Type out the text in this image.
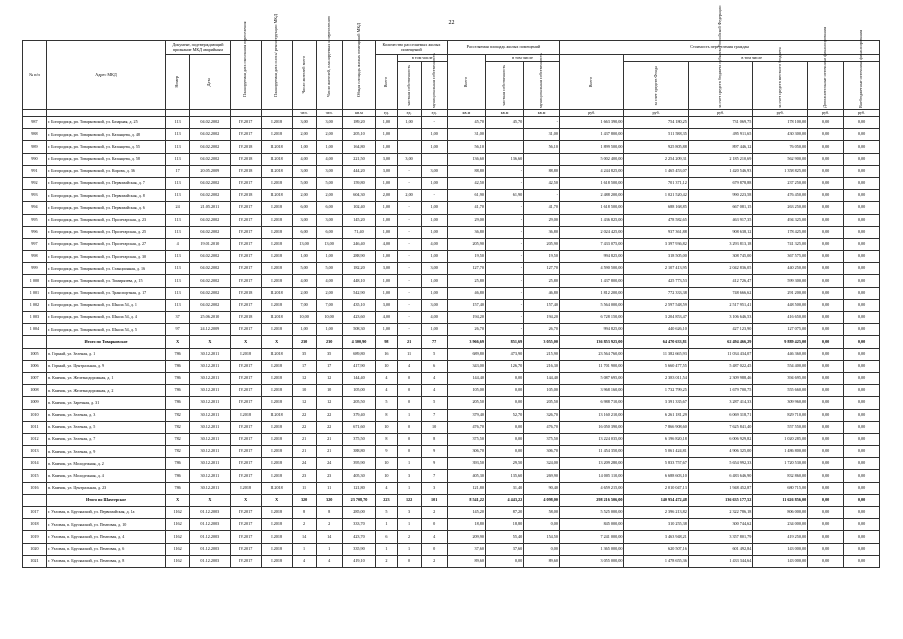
22
№ п/п	Адрес МКД	Документ, подтверждающий признание МКД аварийным		Планируемая дата окончания переселения	Планируемая дата сноса/ реконструкции МКД	Число жителей всего	Число жителей, планируемых к переселению	Общая площадь жилых помещений МКД	Количество расселяемых жилых помещений			Расселяемая площадь жилых помещений			Стоимость переселения граждан					

		Номер	Дата						Всего	в том числе		Всего	в том числе		Всего	в том числе				

										частная собственность	муниципальная собственность		частная собственность	муниципальная собственность		за счет средств Фонда	за счет средств бюджета субъекта Российской Федерации	за счет средств местного бюджета	Дополнительные источники финансирования	Внебюджетные источники финансирования

						чел.	чел.	кв.м	ед.	ед.	ед.	кв.м	кв.м	кв.м	руб.	руб.	руб.	руб.	руб.	руб.
987	г. Богородицк, рп. Товарковский, ул. Базарная, д. 25	113	04.02.2002	IV.2017	I.2018	3,00	3,00	189,20	1,00	1,00	-	45,70	45,70	-	1 663 390,00	754 180,25	731 069,75	178 100,00	0,00	0,00
988	г. Богородицк, рп. Товарковский, ул. Казанцева, д. 48	113	04.02.2002	IV.2017	I.2018	2,00	2,00	205,10	1,00		1,00	31,00		31,00	1 437 800,00	511 588,35	495 911,65	430 300,00	0,00	0,00
989	г. Богородицк, рп. Товарковский, ул. Казанцева, д. 55	113	04.02.2002	IV.2018	II.2018	1,00	1,00	164,80	1,00		1,00	56,10		56,10	1 899 500,00	925 805,88	897 446,12	76 050,00	0,00	0,00
990	г. Богородицк, рп. Товарковский, ул. Казанцева, д. 58	113	04.02.2002	IV.2018	II.2018	4,00	4,00	221,50	3,00	3,00		136,60	136,60		5 002 400,00	2 254 209,31	2 185 210,69	562 900,00	0,00	0,00
991	г. Богородицк, рп. Товарковский, ул. Кирова, д. 36	17	20.05.2009	IV.2018	II.2018	3,00	3,00	444,20	3,00	-	3,00	88,80	-	88,80	4 244 825,00	1 465 453,07	1 420 546,93	1 358 825,00	0,00	0,00
992	г. Богородицк, рп. Товарковский, ул. Первомайская, д. 7	113	04.02.2002	IV.2017	I.2018	5,00	5,00	159,80	1,00	-	1,00	42,50	-	42,50	1 618 500,00	701 371,12	679 878,88	237 250,00	0,00	0,00
993	г. Богородицк, рп. Товарковский, ул. Первомайская, д. 8	113	04.02.2002	IV.2018	II.2018	2,00	2,00	604,30	2,00	2,00	-	61,90	61,90	-	2 488 200,00	1 021 520,42	990 223,58	476 450,00	0,00	0,00
994	г. Богородицк, рп. Товарковский, ул. Первомайская, д. 6	24	21.05.2011	IV.2017	I.2018	6,00	6,00	102,40	1,00	-	1,00	41,70	-	41,70	1 618 500,00	688 168,85	667 081,15	263 250,00	0,00	0,00
995	г. Богородицк, рп. Товарковский, ул. Пролетарская, д. 23	113	04.02.2002	IV.2017	I.2018	3,00	3,00	145,20	1,00	-	1,00	29,00	-	29,00	1 436 825,00	478 582,65	463 917,35	494 325,00	0,00	0,00
996	г. Богородицк, рп. Товарковский, ул. Пролетарская, д. 25	113	04.02.2002	IV.2017	I.2018	6,00	6,00	71,40	1,00	-	1,00	36,80	-	36,80	2 024 425,00	937 361,88	908 638,12	178 425,00	0,00	0,00
997	г. Богородицк, рп. Товарковский, ул. Пролетарская, д. 27	4	19.01.2010	IV.2017	I.2018	13,00	13,00	246,40	4,00	-	4,00	205,90	-	205,90	7 433 075,00	3 397 936,82	3 293 813,18	741 325,00	0,00	0,00
998	г. Богородицк, рп. Товарковский, ул. Пролетарская, д. 30	113	04.02.2002	IV.2017	I.2018	1,00	1,00	288,90	1,00	-	1,00	19,50	-	19,50	994 825,00	318 505,00	308 745,00	367 575,00	0,00	0,00
999	г. Богородицк, рп. Товарковский, ул. Станционная, д. 16	113	04.02.2002	IV.2017	I.2018	5,00	5,00	182,20	3,00	-	3,00	127,70	-	127,70	4 590 500,00	2 107 413,95	2 042 836,05	440 250,00	0,00	0,00
1 000	г. Богородицк, рп. Товарковский, ул. Тимирязева, д. 15	113	04.02.2002	IV.2017	I.2018	4,00	4,00	448,10	1,00	-	1,00	25,80	-	25,80	1 437 800,00	425 773,53	412 726,47	599 300,00	0,00	0,00
1 001	г. Богородицк, рп. Товарковский, ул. Транспортная, д. 17	113	04.02.2002	IV.2018	II.2018	2,00	2,00	542,90	1,00	-	1,00	46,80	-	46,80	1 812 200,00	772 333,38	748 666,62	291 200,00	0,00	0,00
1 002	г. Богородицк, рп. Товарковский, ул. Школа 54, д. 1	113	04.02.2002	IV.2017	I.2018	7,00	7,00	435,10	3,00	-	3,00	157,40	-	157,40	5 564 000,00	2 597 548,59	2 517 951,41	448 500,00	0,00	0,00
1 003	г. Богородицк, рп. Товарковский, ул. Школа 54, д. 4	37	25.06.2010	IV.2018	II.2018	10,00	10,00	423,60	4,00	-	4,00	194,20	-	194,20	6 728 150,00	3 204 853,47	3 106 646,53	416 650,00	0,00	0,00
1 004	г. Богородицк, рп. Товарковский, ул. Школа 54, д. 5	97	24.12.2009	IV.2017	I.2018	1,00	1,00	508,30	1,00	-	1,00	26,70	-	26,70	994 825,00	440 626,10	427 123,90	127 075,00	0,00	0,00
	Итого по Товарковское	X	X	X	X	230	230	4 300,90	98	21	77	3 966,69	851,69	3 055,00	136 853 925,00	64 470 633,81	62 494 466,29	9 889 425,00	0,00	0,00
1005	п. Горный, ул. Зеленая, д. 1	786	30.12.2011	I.2018	II.2018	35	35	689,80	16	11	5	689,80	473,90	215,90	23 564 760,00	11 382 665,93	11 034 434,07	446 360,00	0,00	0,00
1006	п. Горный, ул. Центральная, д. 9	786	30.12.2011	IV.2017	I.2018	17	17	417,90	10	4	6	343,00	126,70	216,30	11 701 900,00	5 660 477,55	5 487 022,45	554 400,00	0,00	0,00
1007	п. Камчик, ул. Железнодорожная, д. 1	786	30.12.2011	IV.2017	I.2018	12	12	144,40	4	0	4	144,40	0,00	144,40	5 087 695,00	2 383 011,54	2 309 988,46	394 695,00	0,00	0,00
1008	п. Камчик, ул. Железнодорожная, д. 2	786	30.12.2011	IV.2017	I.2018	10	10	105,00	4	0	4	105,00	0,00	105,00	3 968 160,00	1 732 799,25	1 679 700,75	555 660,00	0,00	0,00
1009	п. Камчик, ул. Заречная, д. 31	786	30.12.2011	IV.2017	I.2018	12	12	205,50	5	0	5	205,50	0,00	205,50	6 988 710,00	3 391 335,67	3 287 414,33	309 960,00	0,00	0,00
1010	п. Камчик, ул. Зеленая, д. 3	782	30.12.2011	I.2018	II.2018	22	22	379,40	8	1	7	379,40	52,70	326,70	13 160 210,00	6 261 181,29	6 069 318,71	829 710,00	0,00	0,00
1011	п. Камчик, ул. Зеленая, д. 5	782	30.12.2011	IV.2017	I.2018	22	22	671,60	10	0	10	476,70	0,00	476,70	16 050 390,00	7 866 908,60	7 625 841,40	557 550,00	0,00	0,00
1012	п. Камчик, ул. Зеленая, д. 7	782	30.12.2011	IV.2017	I.2018	21	21	375,50	8	0	8	375,50	0,00	375,50	13 224 035,00	6 196 820,18	6 006 929,82	1 020 285,00	0,00	0,00
1013	п. Камчик, ул. Зеленая, д. 9	782	30.12.2011	IV.2017	I.2018	21	21	388,80	9	0	9	306,70	0,00	306,70	11 454 350,00	5 061 424,81	4 906 325,00	1 486 800,00	0,00	0,00
1014	п. Камчик, ул. Молодежная, д. 2	786	30.12.2011	IV.2017	I.2018	24	24	395,90	10	1	9	393,50	29,50	324,00	13 209 280,00	5 833 757,67	5 654 992,33	1 720 530,00	0,00	0,00
1015	п. Камчик, ул. Молодежная, д. 4	786	30.12.2011	IV.2017	I.2018	23	23	405,30	10	3	7	405,30	135,60	269,90	14 005 110,00	6 688 603,10	6 483 646,90	832 860,00	0,00	0,00
1016	п. Камчик, ул. Центральная, д. 23	786	30.12.2011	I.2018	II.2018	11	11	121,80	4	1	3	121,80	31,40	90,40	4 659 215,00	2 010 047,13	1 948 452,87	680 715,00	0,00	0,00
	Итого по Шахтерское	X	X	X	X	320	320	23 708,70	223	122	101	8 541,22	4 443,22	4 098,00	298 216 506,00	140 954 472,48	136 635 177,52	11 626 856,00	0,00	0,00
1017	г. Узловая, п. Брусянский, ул. Первомайская, д. 1а	1162	01.12.2003	IV.2017	I.2018	8	8	285,00	5	3	2	145,20	87,20	58,00	5 525 000,00	2 396 213,82	2 322 786,18	806 000,00	0,00	0,00
1018	г. Узловая, п. Брусянский, ул. Пентовая, д. 10	1162	01.12.2003	IV.2017	I.2018	2	2	333,70	1	1	0	18,80	18,80	0,00	845 000,00	310 255,38	300 744,62	234 000,00	0,00	0,00
1019	г. Узловая, п. Брусянский, ул. Пентовая, д. 4	1162	01.12.2003	IV.2017	I.2018	14	14	423,70	6	2	4	209,90	55,40	154,50	7 241 000,00	3 463 948,21	3 357 801,79	419 250,00	0,00	0,00
1020	г. Узловая, п. Брусянский, ул. Пентовая, д. 6	1162	01.12.2003	IV.2017	I.2018	1	1	335,90	1	1	0	37,60	37,60	0,00	1 365 000,00	620 507,16	601 492,84	143 000,00	0,00	0,00
1021	г. Узловая, п. Брусянский, ул. Пентовая, д. 8	1162	01.12.2003	IV.2017	I.2018	4	4	419,10	2	0	2	89,60	0,00	89,60	3 055 000,00	1 478 655,36	1 433 344,64	143 000,00	0,00	0,00
